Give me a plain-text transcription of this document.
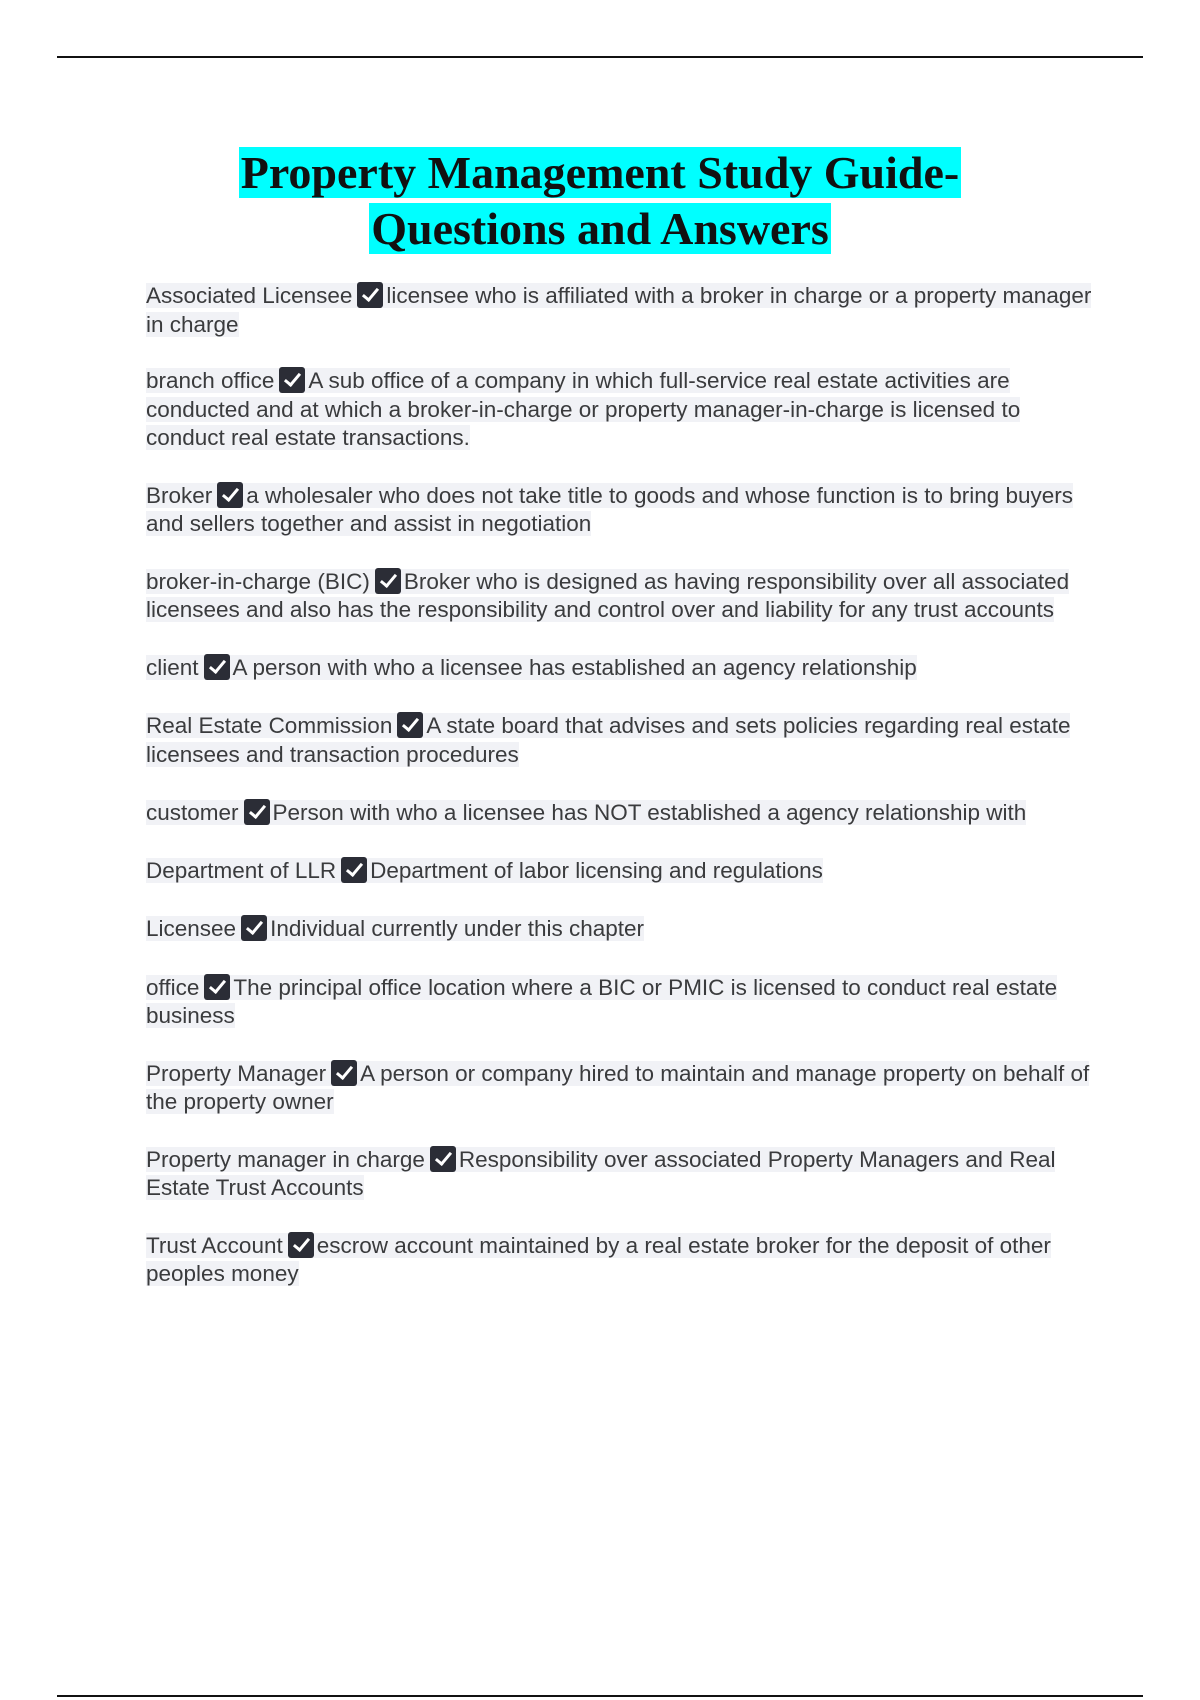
Property Management Study Guide-
Questions and Answers

Associated Licensee licensee who is affiliated with a broker in charge or a property manager in charge

branch office A sub office of a company in which full-service real estate activities are conducted and at which a broker-in-charge or property manager-in-charge is licensed to conduct real estate transactions.

Broker a wholesaler who does not take title to goods and whose function is to bring buyers and sellers together and assist in negotiation

broker-in-charge (BIC) Broker who is designed as having responsibility over all associated licensees and also has the responsibility and control over and liability for any trust accounts

client A person with who a licensee has established an agency relationship

Real Estate Commission A state board that advises and sets policies regarding real estate licensees and transaction procedures

customer Person with who a licensee has NOT established a agency relationship with

Department of LLR Department of labor licensing and regulations

Licensee Individual currently under this chapter

office The principal office location where a BIC or PMIC is licensed to conduct real estate business

Property Manager A person or company hired to maintain and manage property on behalf of the property owner

Property manager in charge Responsibility over associated Property Managers and Real Estate Trust Accounts

Trust Account escrow account maintained by a real estate broker for the deposit of other peoples money
